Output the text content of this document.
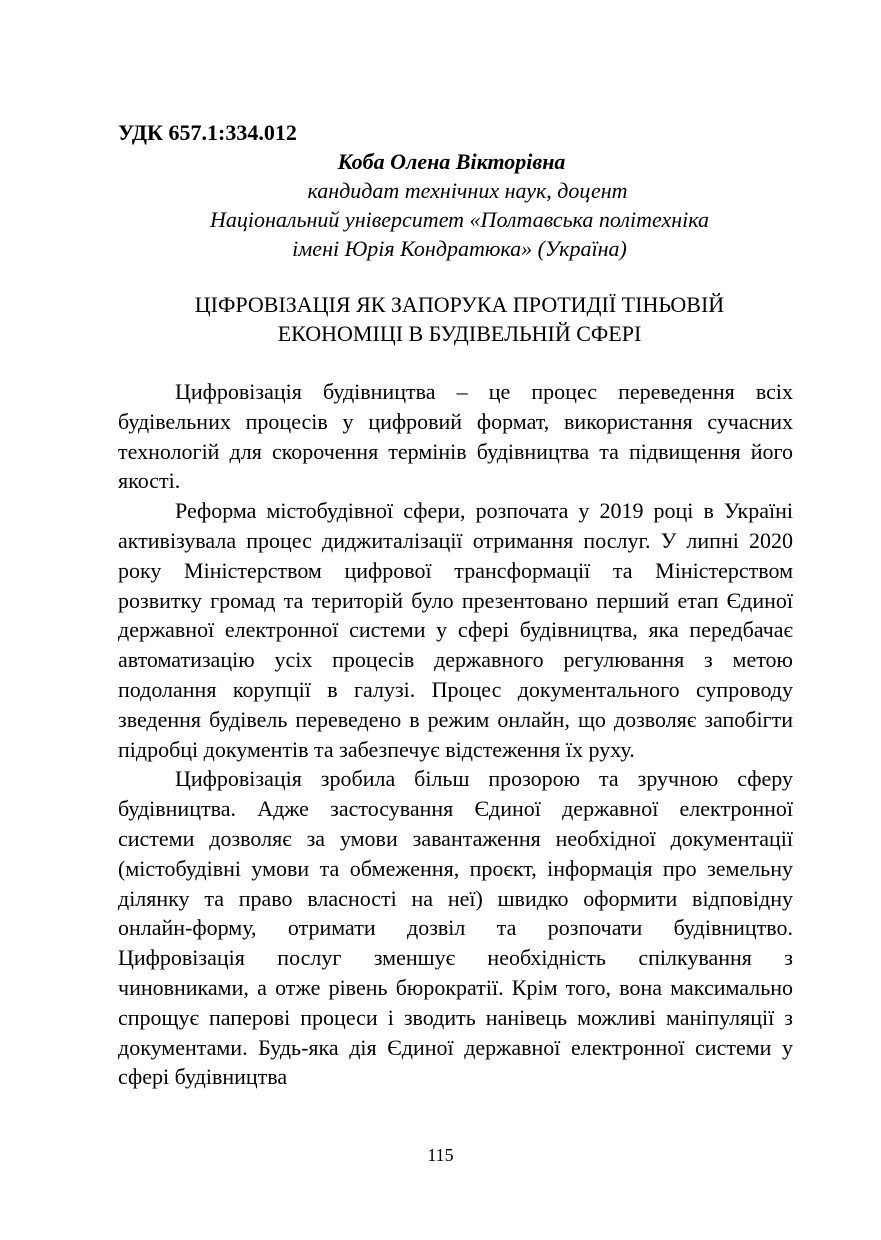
УДК 657.1:334.012

Коба Олена Вікторівна

кандидат технічних наук, доцент

Національний університет «Полтавська політехніка

імені Юрія Кондратюка» (Україна)

ЦІФРОВІЗАЦІЯ ЯК ЗАПОРУКА ПРОТИДІЇ ТІНЬОВІЙ
ЕКОНОМІЦІ В БУДІВЕЛЬНІЙ СФЕРІ

Цифровізація будівництва – це процес переведення всіх будівельних процесів у цифровий формат, використання сучасних технологій для скорочення термінів будівництва та підвищення його якості.

Реформа містобудівної сфери, розпочата у 2019 році в Україні активізувала процес диджиталізації отримання послуг. У липні 2020 року Міністерством цифрової трансформації та Міністерством розвитку громад та територій було презентовано перший етап Єдиної державної електронної системи у сфері будівництва, яка передбачає автоматизацію усіх процесів державного регулювання з метою подолання корупції в галузі. Процес документального супроводу зведення будівель переведено в режим онлайн, що дозволяє запобігти підробці документів та забезпечує відстеження їх руху.

Цифровізація зробила більш прозорою та зручною сферу будівництва. Адже застосування Єдиної державної електронної системи дозволяє за умови завантаження необхідної документації (містобудівні умови та обмеження, проєкт, інформація про земельну ділянку та право власності на неї) швидко оформити відповідну онлайн-форму, отримати дозвіл та розпочати будівництво. Цифровізація послуг зменшує необхідність спілкування з чиновниками, а отже рівень бюрократії. Крім того, вона максимально спрощує паперові процеси і зводить нанівець можливі маніпуляції з документами. Будь-яка дія Єдиної державної електронної системи у сфері будівництва

115
